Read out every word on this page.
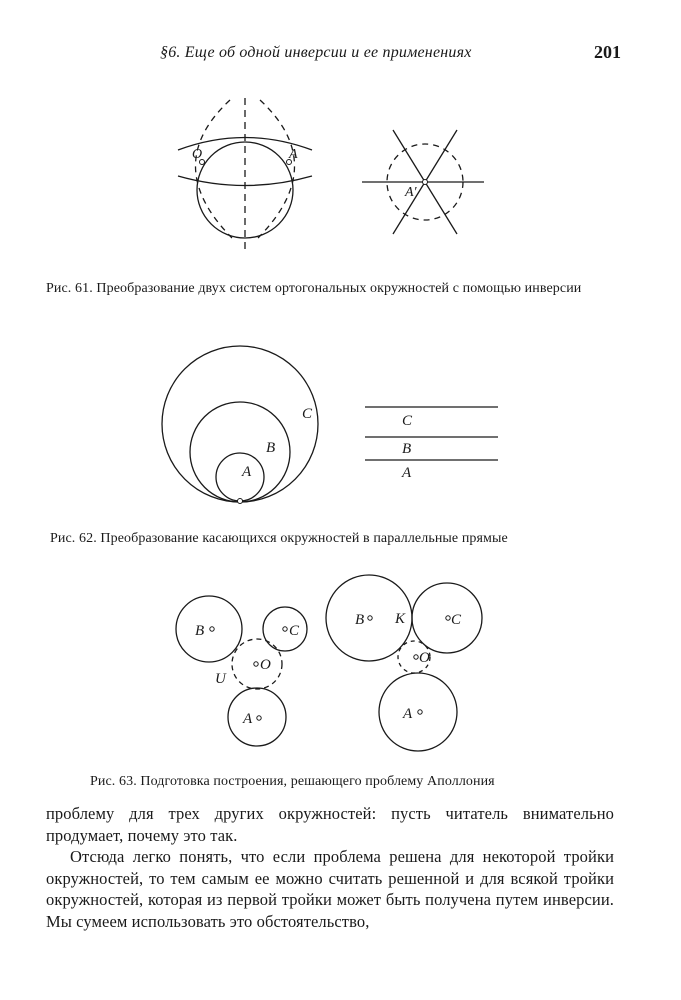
§6. Еще об одной инверсии и ее применениях	201
O	A
A′
Рис. 61. Преобразование двух систем ортогональных окружностей с помощью инверсии
C
B
A
C
B
A
Рис. 62. Преобразование касающихся окружностей в параллельные прямые
B	C
O
U
A
B K	C
O
A
Рис. 63. Подготовка построения, решающего проблему Аполлония

проблему для трех других окружностей: пусть читатель внимательно продумает, почему это так.

Отсюда легко понять, что если проблема решена для некоторой тройки окружностей, то тем самым ее можно считать решенной и для всякой тройки окружностей, которая из первой тройки может быть получена путем инверсии. Мы сумеем использовать это обстоятельство,
